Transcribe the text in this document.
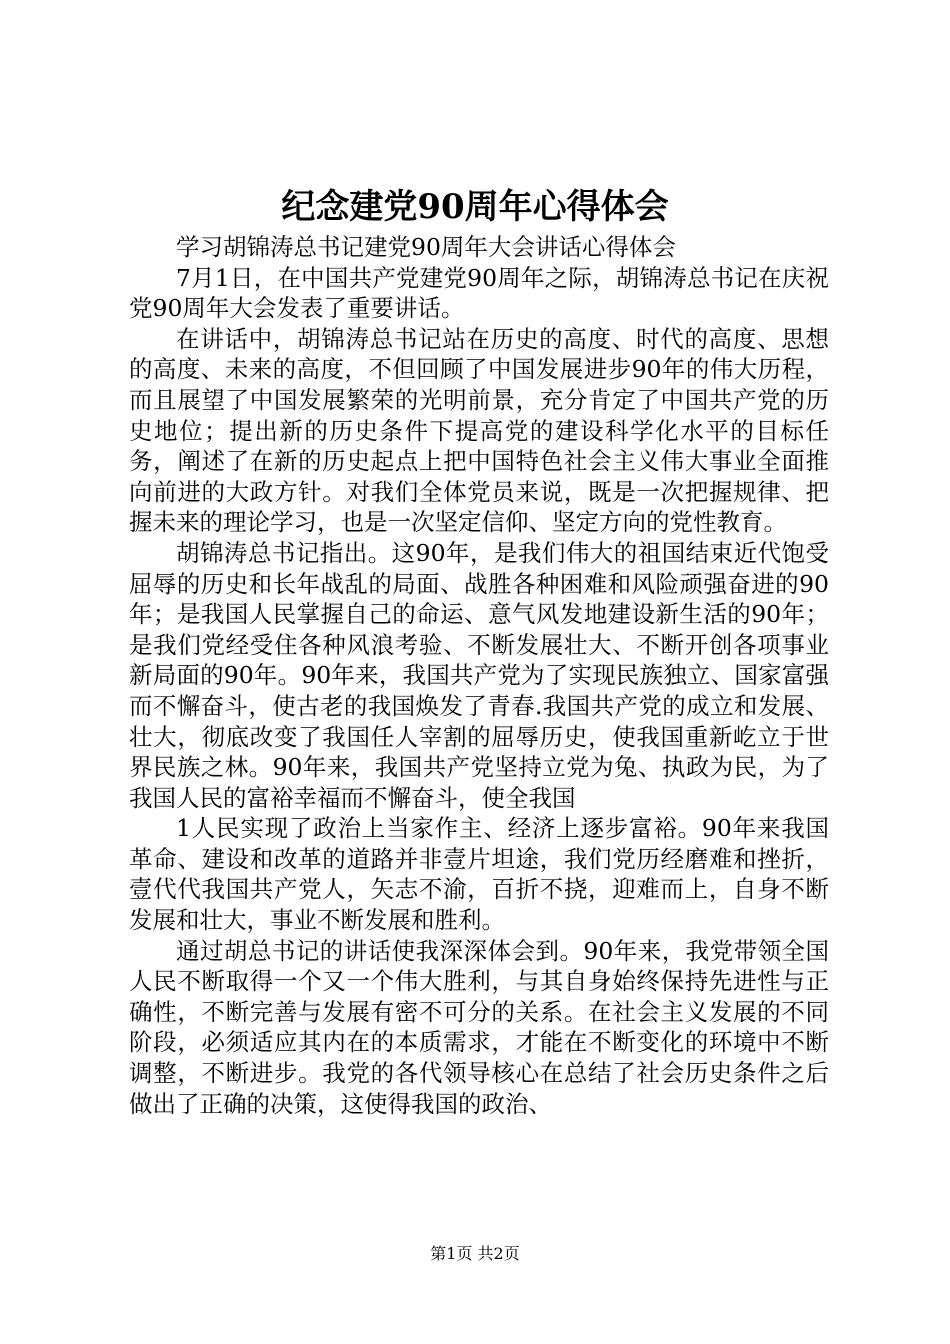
纪念建党90周年心得体会

学习胡锦涛总书记建党90周年大会讲话心得体会

7月1日，在中国共产党建党90周年之际，胡锦涛总书记在庆祝党90周年大会发表了重要讲话。

在讲话中，胡锦涛总书记站在历史的高度、时代的高度、思想的高度、未来的高度，不但回顾了中国发展进步90年的伟大历程，而且展望了中国发展繁荣的光明前景，充分肯定了中国共产党的历史地位；提出新的历史条件下提高党的建设科学化水平的目标任务，阐述了在新的历史起点上把中国特色社会主义伟大事业全面推向前进的大政方针。对我们全体党员来说，既是一次把握规律、把握未来的理论学习，也是一次坚定信仰、坚定方向的党性教育。

胡锦涛总书记指出。这90年，是我们伟大的祖国结束近代饱受屈辱的历史和长年战乱的局面、战胜各种困难和风险顽强奋进的90年；是我国人民掌握自己的命运、意气风发地建设新生活的90年；是我们党经受住各种风浪考验、不断发展壮大、不断开创各项事业新局面的90年。90年来，我国共产党为了实现民族独立、国家富强而不懈奋斗，使古老的我国焕发了青春.我国共产党的成立和发展、壮大，彻底改变了我国任人宰割的屈辱历史，使我国重新屹立于世界民族之林。90年来，我国共产党坚持立党为兔、执政为民，为了我国人民的富裕幸福而不懈奋斗，使全我国

1人民实现了政治上当家作主、经济上逐步富裕。90年来我国革命、建设和改革的道路并非壹片坦途，我们党历经磨难和挫折，壹代代我国共产党人，矢志不渝，百折不挠，迎难而上，自身不断发展和壮大，事业不断发展和胜利。

通过胡总书记的讲话使我深深体会到。90年来，我党带领全国人民不断取得一个又一个伟大胜利，与其自身始终保持先进性与正确性，不断完善与发展有密不可分的关系。在社会主义发展的不同阶段，必须适应其内在的本质需求，才能在不断变化的环境中不断调整，不断进步。我党的各代领导核心在总结了社会历史条件之后做出了正确的决策，这使得我国的政治、

第1页 共2页
